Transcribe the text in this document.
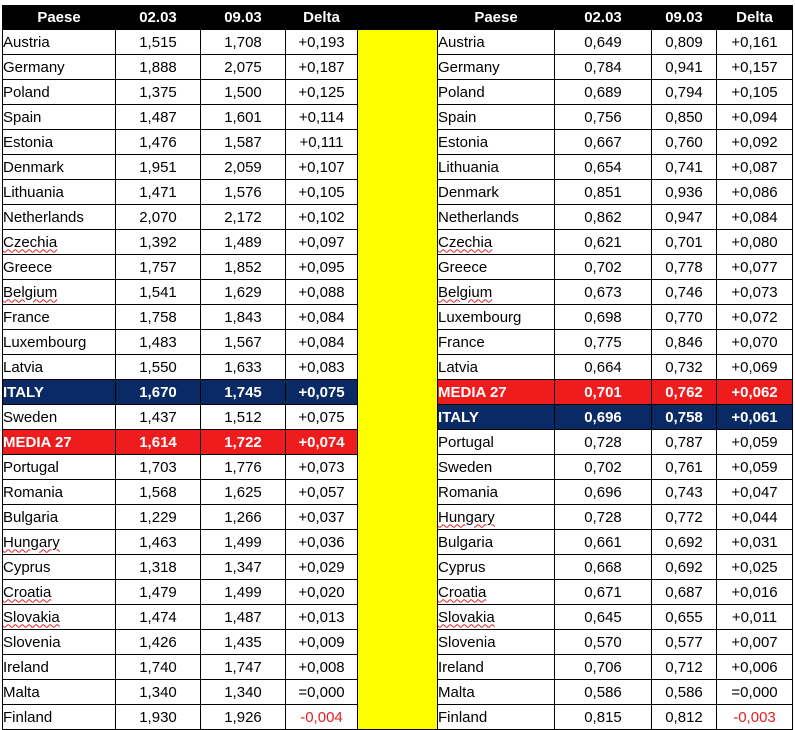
Paese	02.03	09.03	Delta		Paese	02.03	09.03	Delta
Austria	1,515	1,708	+0,193		Austria	0,649	0,809	+0,161
Germany	1,888	2,075	+0,187		Germany	0,784	0,941	+0,157
Poland	1,375	1,500	+0,125		Poland	0,689	0,794	+0,105
Spain	1,487	1,601	+0,114		Spain	0,756	0,850	+0,094
Estonia	1,476	1,587	+0,111		Estonia	0,667	0,760	+0,092
Denmark	1,951	2,059	+0,107		Lithuania	0,654	0,741	+0,087
Lithuania	1,471	1,576	+0,105		Denmark	0,851	0,936	+0,086
Netherlands	2,070	2,172	+0,102		Netherlands	0,862	0,947	+0,084
Czechia	1,392	1,489	+0,097		Czechia	0,621	0,701	+0,080
Greece	1,757	1,852	+0,095		Greece	0,702	0,778	+0,077
Belgium	1,541	1,629	+0,088		Belgium	0,673	0,746	+0,073
France	1,758	1,843	+0,084		Luxembourg	0,698	0,770	+0,072
Luxembourg	1,483	1,567	+0,084		France	0,775	0,846	+0,070
Latvia	1,550	1,633	+0,083		Latvia	0,664	0,732	+0,069
ITALY	1,670	1,745	+0,075		MEDIA 27	0,701	0,762	+0,062
Sweden	1,437	1,512	+0,075		ITALY	0,696	0,758	+0,061
MEDIA 27	1,614	1,722	+0,074		Portugal	0,728	0,787	+0,059
Portugal	1,703	1,776	+0,073		Sweden	0,702	0,761	+0,059
Romania	1,568	1,625	+0,057		Romania	0,696	0,743	+0,047
Bulgaria	1,229	1,266	+0,037		Hungary	0,728	0,772	+0,044
Hungary	1,463	1,499	+0,036		Bulgaria	0,661	0,692	+0,031
Cyprus	1,318	1,347	+0,029		Cyprus	0,668	0,692	+0,025
Croatia	1,479	1,499	+0,020		Croatia	0,671	0,687	+0,016
Slovakia	1,474	1,487	+0,013		Slovakia	0,645	0,655	+0,011
Slovenia	1,426	1,435	+0,009		Slovenia	0,570	0,577	+0,007
Ireland	1,740	1,747	+0,008		Ireland	0,706	0,712	+0,006
Malta	1,340	1,340	=0,000		Malta	0,586	0,586	=0,000
Finland	1,930	1,926	-0,004		Finland	0,815	0,812	-0,003
